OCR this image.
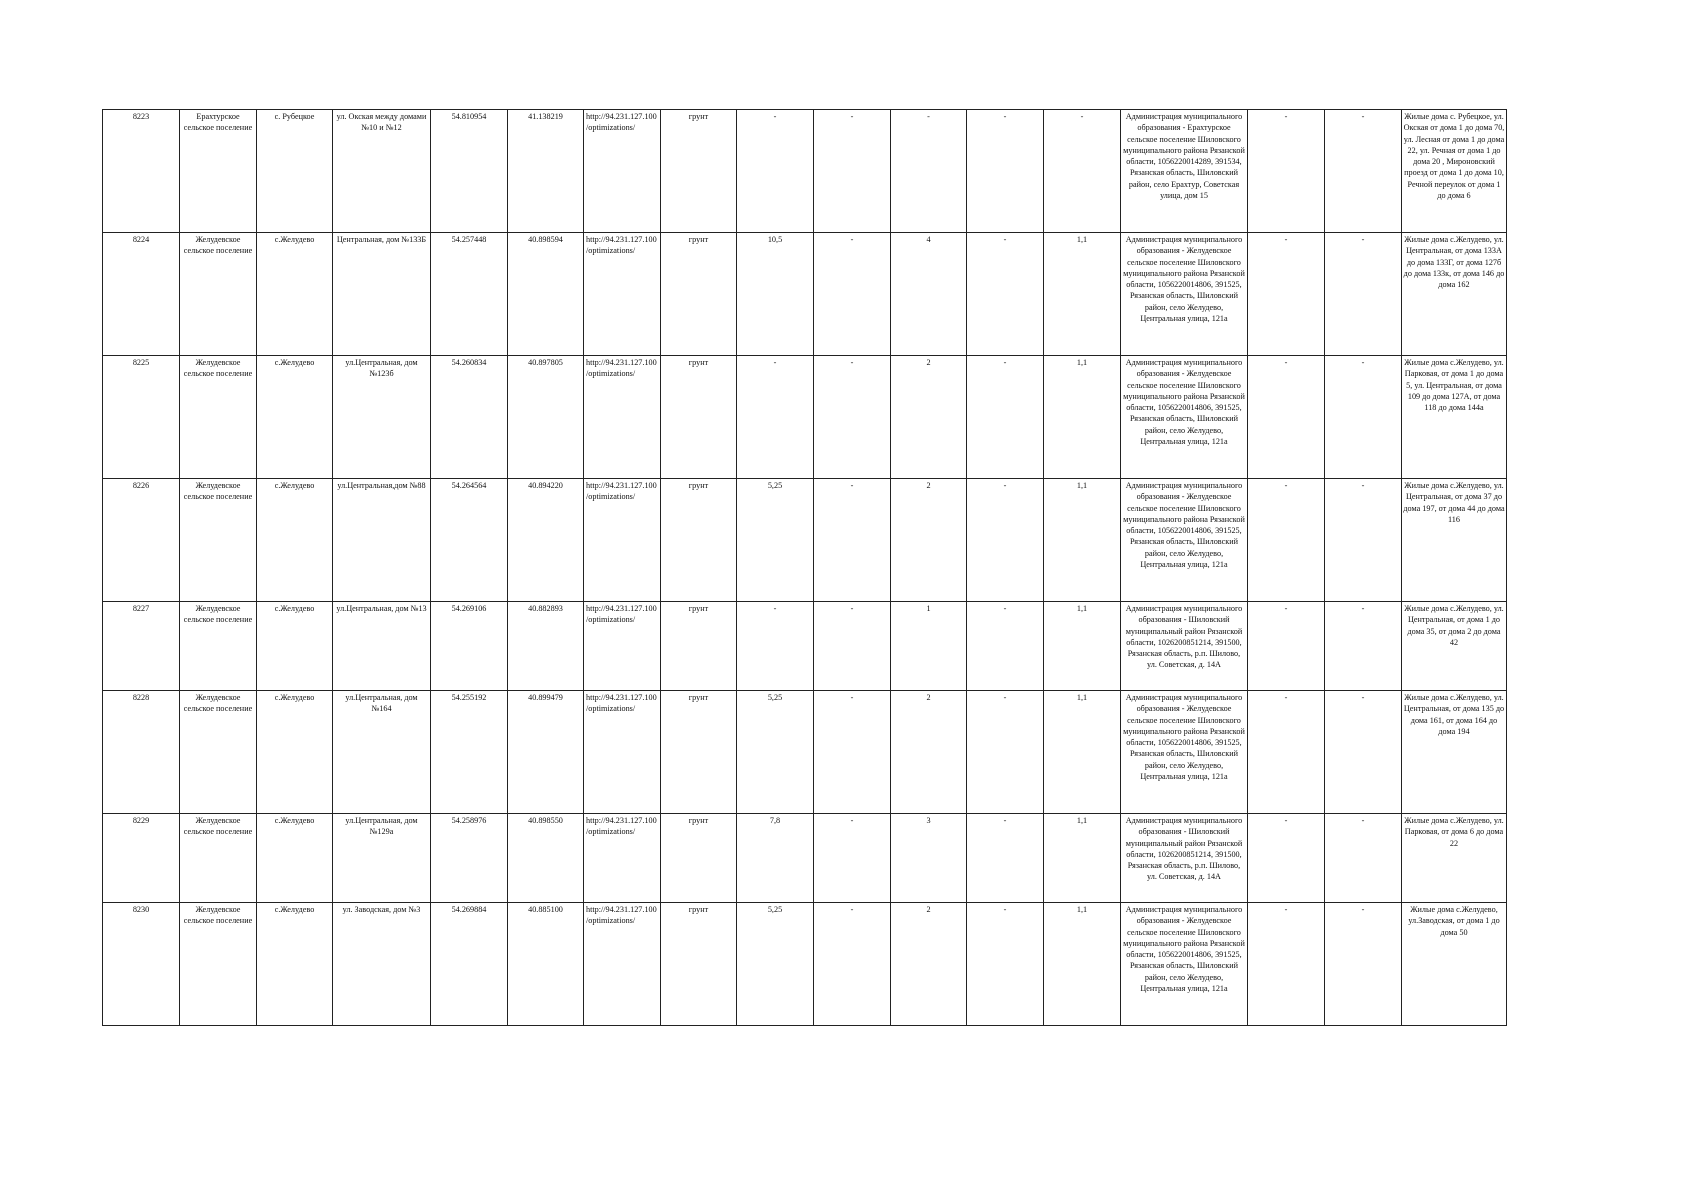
8223	Ерахтурское сельское поселение	с. Рубецкое	ул. Окская между домами №10 и №12	54.810954	41.138219	http://94.231.127.100/optimizations/	грунт	-	-	-	-	-	Администрация муниципального образования - Ерахтурское сельское поселение Шиловского муниципального района Рязанской области, 1056220014289, 391534, Рязанская область, Шиловский район, село Ерахтур, Советская улица, дом 15	-	-	Жилые дома с. Рубецкое, ул. Окская от дома 1 до дома 70, ул. Лесная от дома 1 до дома 22, ул. Речная от дома 1 до дома 20 , Мироновский проезд от дома 1 до дома 10, Речной переулок от дома 1 до дома 6
8224	Желудевское сельское поселение	с.Желудево	Центральная, дом №133Б	54.257448	40.898594	http://94.231.127.100/optimizations/	грунт	10,5	-	4	-	1,1	Администрация муниципального образования - Желудевское сельское поселение Шиловского муниципального района Рязанской области, 1056220014806, 391525, Рязанская область, Шиловский район, село Желудево, Центральная улица, 121а	-	-	Жилые дома с.Желудево, ул. Центральная, от дома 133А до дома 133Г, от дома 127б до дома 133к, от дома 146 до дома 162
8225	Желудевское сельское поселение	с.Желудево	ул.Центральная, дом №123б	54.260834	40.897805	http://94.231.127.100/optimizations/	грунт	-	-	2	-	1,1	Администрация муниципального образования - Желудевское сельское поселение Шиловского муниципального района Рязанской области, 1056220014806, 391525, Рязанская область, Шиловский район, село Желудево, Центральная улица, 121а	-	-	Жилые дома с.Желудево, ул. Парковая, от дома 1 до дома 5, ул. Центральная, от дома 109 до дома 127А, от дома 118 до дома 144а
8226	Желудевское сельское поселение	с.Желудево	ул.Центральная,дом №88	54.264564	40.894220	http://94.231.127.100/optimizations/	грунт	5,25	-	2	-	1,1	Администрация муниципального образования - Желудевское сельское поселение Шиловского муниципального района Рязанской области, 1056220014806, 391525, Рязанская область, Шиловский район, село Желудево, Центральная улица, 121а	-	-	Жилые дома с.Желудево, ул. Центральная, от дома 37 до дома 197, от дома 44 до дома 116
8227	Желудевское сельское поселение	с.Желудево	ул.Центральная, дом №13	54.269106	40.882893	http://94.231.127.100/optimizations/	грунт	-	-	1	-	1,1	Администрация муниципального образования - Шиловский муниципальный район Рязанской области, 1026200851214, 391500, Рязанская область, р.п. Шилово, ул. Советская, д. 14А	-	-	Жилые дома с.Желудево, ул. Центральная, от дома 1 до дома 35, от дома 2 до дома 42
8228	Желудевское сельское поселение	с.Желудево	ул.Центральная, дом №164	54.255192	40.899479	http://94.231.127.100/optimizations/	грунт	5,25	-	2	-	1,1	Администрация муниципального образования - Желудевское сельское поселение Шиловского муниципального района Рязанской области, 1056220014806, 391525, Рязанская область, Шиловский район, село Желудево, Центральная улица, 121а	-	-	Жилые дома с.Желудево, ул. Центральная, от дома 135 до дома 161, от дома 164 до дома 194
8229	Желудевское сельское поселение	с.Желудево	ул.Центральная, дом №129а	54.258976	40.898550	http://94.231.127.100/optimizations/	грунт	7,8	-	3	-	1,1	Администрация муниципального образования - Шиловский муниципальный район Рязанской области, 1026200851214, 391500, Рязанская область, р.п. Шилово, ул. Советская, д. 14А	-	-	Жилые дома с.Желудево, ул. Парковая, от дома 6 до дома 22
8230	Желудевское сельское поселение	с.Желудево	ул. Заводская, дом №3	54.269884	40.885100	http://94.231.127.100/optimizations/	грунт	5,25	-	2	-	1,1	Администрация муниципального образования - Желудевское сельское поселение Шиловского муниципального района Рязанской области, 1056220014806, 391525, Рязанская область, Шиловский район, село Желудево, Центральная улица, 121а	-	-	Жилые дома с.Желудево, ул.Заводская, от дома 1 до дома 50
